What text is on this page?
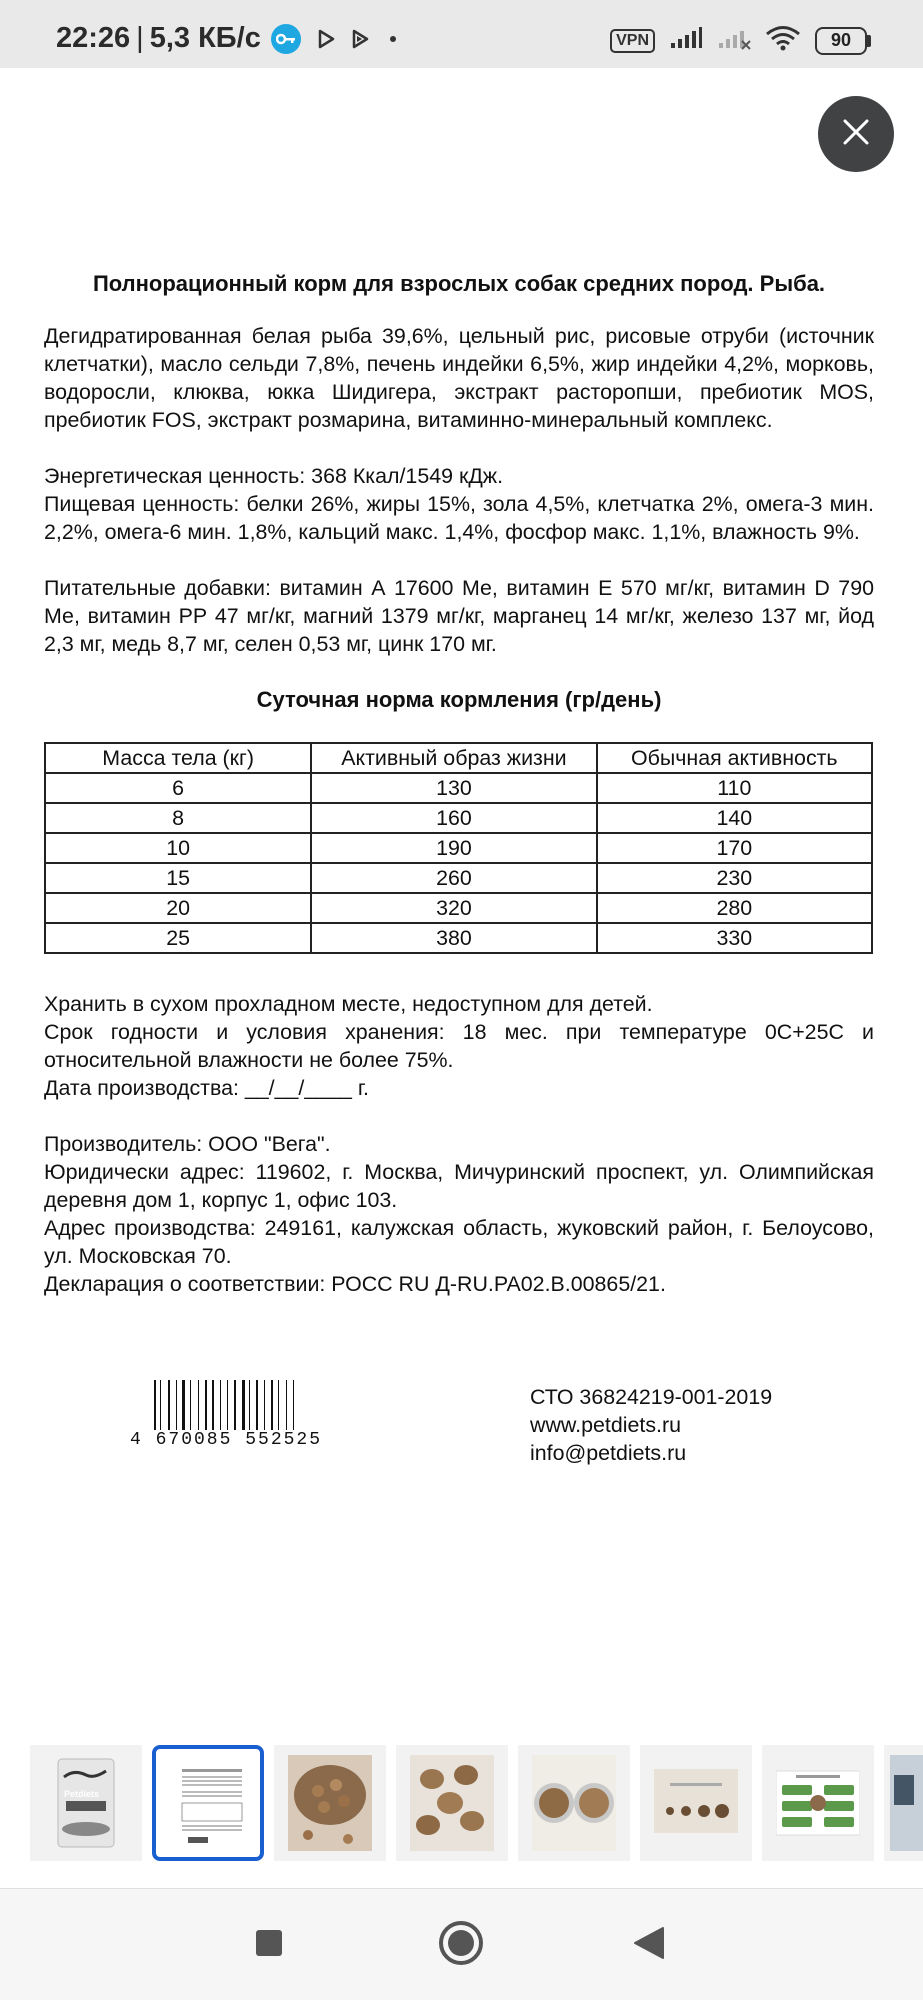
22:26 | 5,3 КБ/с	VPN	90
Полнорационный корм для взрослых собак средних пород. Рыба.

Дегидратированная белая рыба 39,6%, цельный рис, рисовые отруби (источник клетчатки), масло сельди 7,8%, печень индейки 6,5%, жир индейки 4,2%, морковь, водоросли, клюква, юкка Шидигера, экстракт расторопши, пребиотик MOS, пребиотик FOS, экстракт розмарина, витаминно-минеральный комплекс.

Энергетическая ценность: 368 Ккал/1549 кДж.

Пищевая ценность: белки 26%, жиры 15%, зола 4,5%, клетчатка 2%, омега-3 мин. 2,2%, омега-6 мин. 1,8%, кальций макс. 1,4%, фосфор макс. 1,1%, влажность 9%.

Питательные добавки: витамин А 17600 Ме, витамин Е 570 мг/кг, витамин D 790 Ме, витамин РР 47 мг/кг, магний 1379 мг/кг, марганец 14 мг/кг, железо 137 мг, йод 2,3 мг, медь 8,7 мг, селен 0,53 мг, цинк 170 мг.

Суточная норма кормления (гр/день)
Масса тела (кг)	Активный образ жизни	Обычная активность
6	130	110
8	160	140
10	190	170
15	260	230
20	320	280
25	380	330

Хранить в сухом прохладном месте, недоступном для детей.

Срок годности и условия хранения: 18 мес. при температуре 0С+25С и относительной влажности не более 75%.

Дата производства: __/__/____ г.

Производитель: ООО "Вега".

Юридически адрес: 119602, г. Москва, Мичуринский проспект, ул. Олимпийская деревня дом 1, корпус 1, офис 103.

Адрес производства: 249161, калужская область, жуковский район, г. Белоусово, ул. Московская 70.

Декларация о соответствии: РОСС RU Д-RU.PA02.B.00865/21.

4 670085 552525
СТО 36824219-001-2019
www.petdiets.ru
info@petdiets.ru
Petdiets
